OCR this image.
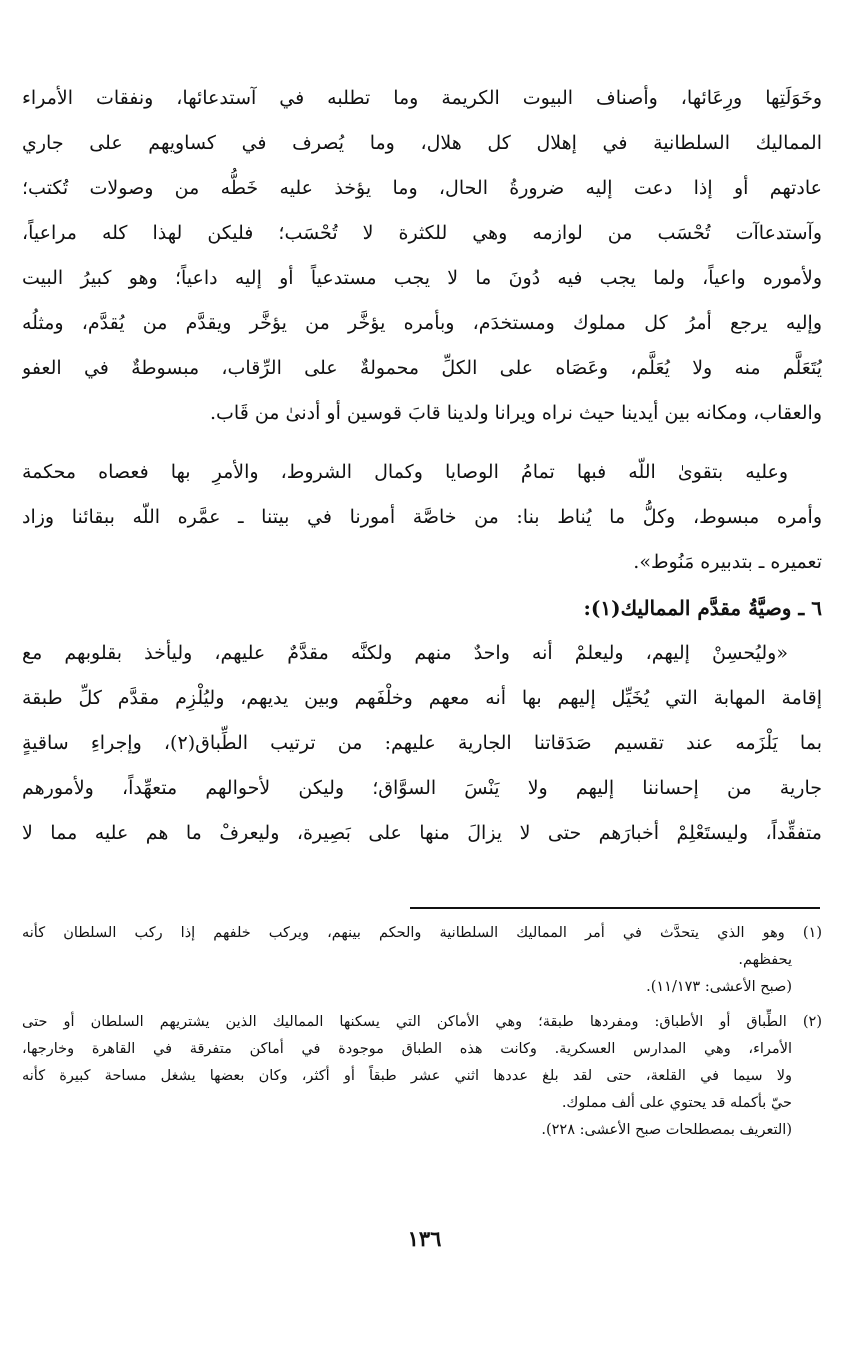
وخَوَلَتِها ورِعَائها، وأصناف البيوت الكريمة وما تطلبه في آستدعائها، ونفقات الأمراء
المماليك السلطانية في إهلال كل هلال، وما يُصرف في كساويهم على جاري
عادتهم أو إذا دعت إليه ضرورةُ الحال، وما يؤخذ عليه خَطُّه من وصولات تُكتب؛
وآستدعاآت تُحْسَب من لوازمه وهي للكثرة لا تُحْسَب؛ فليكن لهذا كله مراعياً،
ولأموره واعياً، ولما يجب فيه دُونَ ما لا يجب مستدعياً أو إليه داعياً؛ وهو كبيرُ البيت
وإليه يرجع أمرُ كل مملوك ومستخدَم، وبأمره يؤخَّر من يؤخَّر ويقدَّم من يُقدَّم، ومثلُه
يُتَعَلَّم منه ولا يُعَلَّم، وعَصَاه على الكلِّ محمولةٌ على الرِّقاب، مبسوطةٌ في العفو
والعقاب، ومكانه بين أيدينا حيث نراه ويرانا ولدينا قابَ قوسين أو أدنىٰ من قَاب.
وعليه بتقوىٰ اللّه فبها تمامُ الوصايا وكمال الشروط، والأمرِ بها فعصاه محكمة
وأمره مبسوط، وكلُّ ما يُناط بنا: من خاصَّة أمورنا في بيتنا ـ عمَّره اللّه ببقائنا وزاد
تعميره ـ بتدبيره مَنُوط».
٦ ـ وصيَّةُ مقدَّم المماليك(١):
«وليُحسِنْ إليهم، وليعلمْ أنه واحدٌ منهم ولكنَّه مقدَّمٌ عليهم، وليأخذ بقلوبهم مع
إقامة المهابة التي يُخَيِّل إليهم بها أنه معهم وخلْفَهم وبين يديهم، وليُلْزِم مقدَّم كلِّ طبقة
بما يَلْزَمه عند تقسيم صَدَقاتنا الجارية عليهم: من ترتيب الطِّباق(٢)، وإجراءِ ساقيةٍ
جارية من إحساننا إليهم ولا يَنْسَ السوَّاق؛ وليكن لأحوالهم متعهِّداً، ولأمورهم
متفقِّداً، وليستَعْلِمْ أخبارَهم حتى لا يزالَ منها على بَصِيرة، وليعرفْ ما هم عليه مما لا
(١) وهو الذي يتحدَّث في أمر المماليك السلطانية والحكم بينهم، ويركب خلفهم إذا ركب السلطان كأنه
يحفظهم.
(صبح الأعشى: ١١/١٧٣).
(٢) الطِّباق أو الأطباق: ومفردها طبقة؛ وهي الأماكن التي يسكنها المماليك الذين يشتريهم السلطان أو حتى
الأمراء، وهي المدارس العسكرية. وكانت هذه الطباق موجودة في أماكن متفرقة في القاهرة وخارجها،
ولا سيما في القلعة، حتى لقد بلغ عددها اثني عشر طبقاً أو أكثر، وكان بعضها يشغل مساحة كبيرة كأنه
حيّ بأكمله قد يحتوي على ألف مملوك.
(التعريف بمصطلحات صبح الأعشى: ٢٢٨).
١٣٦
